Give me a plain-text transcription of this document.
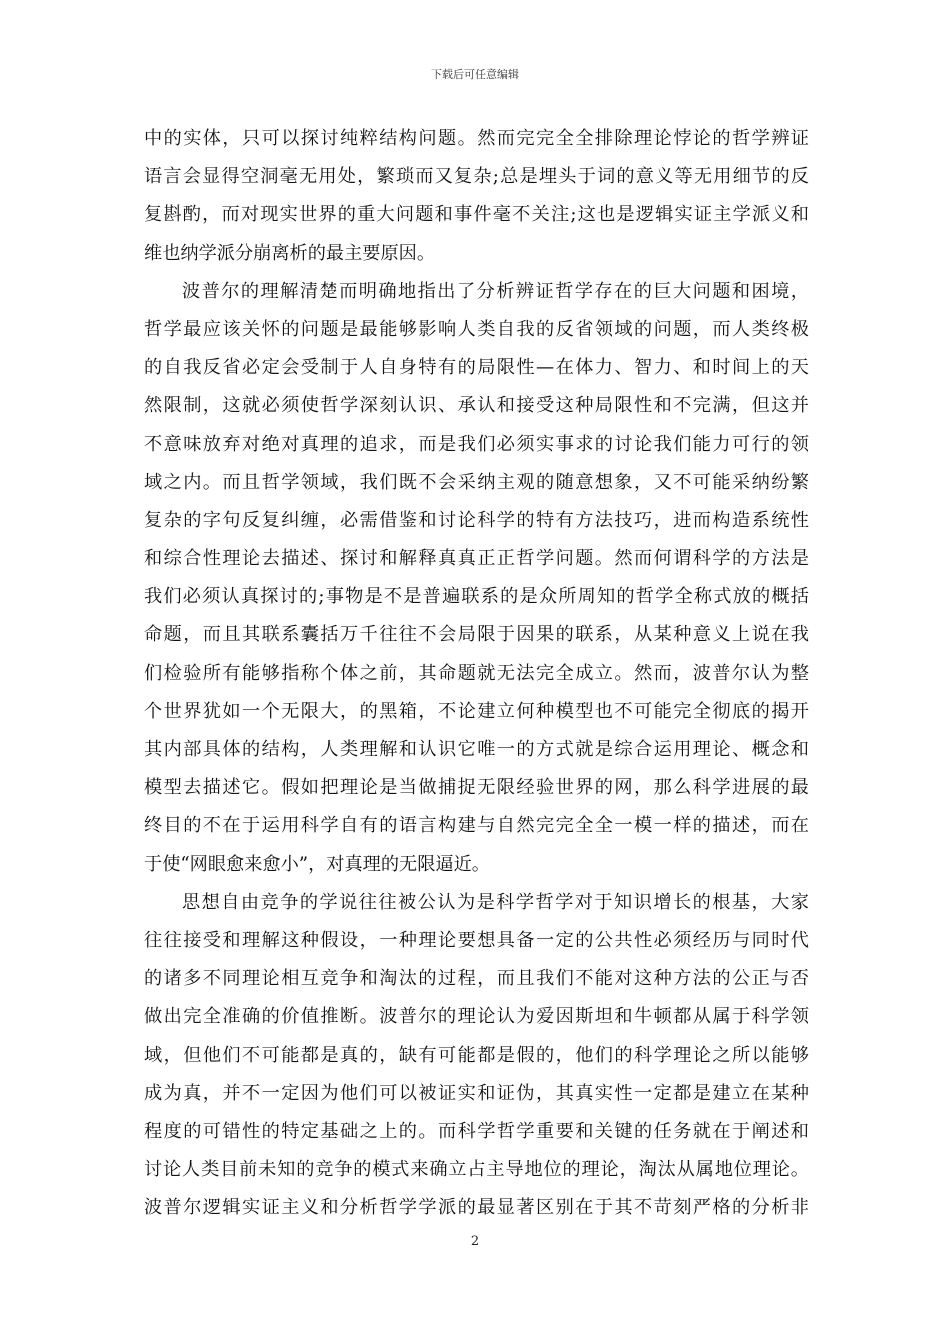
下载后可任意编辑
中的实体，只可以探讨纯粹结构问题。然而完完全全排除理论悖论的哲学辨证
语言会显得空洞毫无用处，繁琐而又复杂;总是埋头于词的意义等无用细节的反
复斟酌，而对现实世界的重大问题和事件毫不关注;这也是逻辑实证主学派义和
维也纳学派分崩离析的最主要原因。
波普尔的理解清楚而明确地指出了分析辨证哲学存在的巨大问题和困境，
哲学最应该关怀的问题是最能够影响人类自我的反省领域的问题，而人类终极
的自我反省必定会受制于人自身特有的局限性—在体力、智力、和时间上的天
然限制，这就必须使哲学深刻认识、承认和接受这种局限性和不完满，但这并
不意味放弃对绝对真理的追求，而是我们必须实事求的讨论我们能力可行的领
域之内。而且哲学领域，我们既不会采纳主观的随意想象，又不可能采纳纷繁
复杂的字句反复纠缠，必需借鉴和讨论科学的特有方法技巧，进而构造系统性
和综合性理论去描述、探讨和解释真真正正哲学问题。然而何谓科学的方法是
我们必须认真探讨的;事物是不是普遍联系的是众所周知的哲学全称式放的概括
命题，而且其联系囊括万千往往不会局限于因果的联系，从某种意义上说在我
们检验所有能够指称个体之前，其命题就无法完全成立。然而，波普尔认为整
个世界犹如一个无限大，的黑箱，不论建立何种模型也不可能完全彻底的揭开
其内部具体的结构，人类理解和认识它唯一的方式就是综合运用理论、概念和
模型去描述它。假如把理论是当做捕捉无限经验世界的网，那么科学进展的最
终目的不在于运用科学自有的语言构建与自然完完全全一模一样的描述，而在
于使“网眼愈来愈小”，对真理的无限逼近。
思想自由竞争的学说往往被公认为是科学哲学对于知识增长的根基，大家
往往接受和理解这种假设，一种理论要想具备一定的公共性必须经历与同时代
的诸多不同理论相互竞争和淘汰的过程，而且我们不能对这种方法的公正与否
做出完全准确的价值推断。波普尔的理论认为爱因斯坦和牛顿都从属于科学领
域，但他们不可能都是真的，缺有可能都是假的，他们的科学理论之所以能够
成为真，并不一定因为他们可以被证实和证伪，其真实性一定都是建立在某种
程度的可错性的特定基础之上的。而科学哲学重要和关键的任务就在于阐述和
讨论人类目前未知的竞争的模式来确立占主导地位的理论，淘汰从属地位理论。
波普尔逻辑实证主义和分析哲学学派的最显著区别在于其不苛刻严格的分析非
2
